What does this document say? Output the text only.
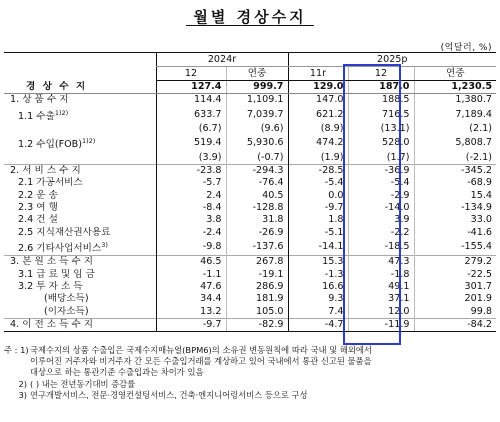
월별 경상수지
(억달러, %)
	2024r		2025p		
	12	연중	11r	12	연중
경 상 수 지	127.4	999.7	129.0	187.0	1,230.5
1. 상 품 수 지	114.4	1,109.1	147.0	188.5	1,380.7
1.1 수출$^{1)2)}$	633.7	7,039.7	621.2	716.5	7,189.4
	(6.7)	(9.6)	(8.9)	(13.1)	(2.1)
1.2 수입(FOB)$^{1)2)}$	519.4	5,930.6	474.2	528.0	5,808.7
	(3.9)	(-0.7)	(1.9)	(1.7)	(-2.1)
2. 서 비 스 수 지	-23.8	-294.3	-28.5	-36.9	-345.2
2.1 가공서비스	-5.7	-76.4	-5.4	-5.4	-68.9
2.2 운 송	2.4	40.5	0.0	-2.9	15.4
2.3 여 행	-8.4	-128.8	-9.7	-14.0	-134.9
2.4 건 설	3.8	31.8	1.8	3.9	33.0
2.5 지식재산권사용료	-2.4	-26.9	-5.1	-2.2	-41.6
2.6 기타사업서비스$^{3)}$	-9.8	-137.6	-14.1	-18.5	-155.4
3. 본 원 소 득 수 지	46.5	267.8	15.3	47.3	279.2
3.1 급 료 및 임 금	-1.1	-19.1	-1.3	-1.8	-22.5
3.2 투 자 소 득	47.6	286.9	16.6	49.1	301.7
(배당소득)	34.4	181.9	9.3	37.1	201.9
(이자소득)	13.2	105.0	7.4	12.0	99.8
4. 이 전 소 득 수 지	-9.7	-82.9	-4.7	-11.9	-84.2
주 : 1) 국제수지의 상품 수출입은 국제수지매뉴얼(BPM6)의 소유권 변동원칙에 따라 국내 및 해외에서
이루어진 거주자와 비거주자 간 모든 수출입거래를 계상하고 있어 국내에서 통관 신고된 물품을
대상으로 하는 통관기준 수출입과는 차이가 있음
2) ( ) 내는 전년동기대비 증감률
3) 연구개발서비스, 전문·경영컨설팅서비스, 건축·엔지니어링서비스 등으로 구성
